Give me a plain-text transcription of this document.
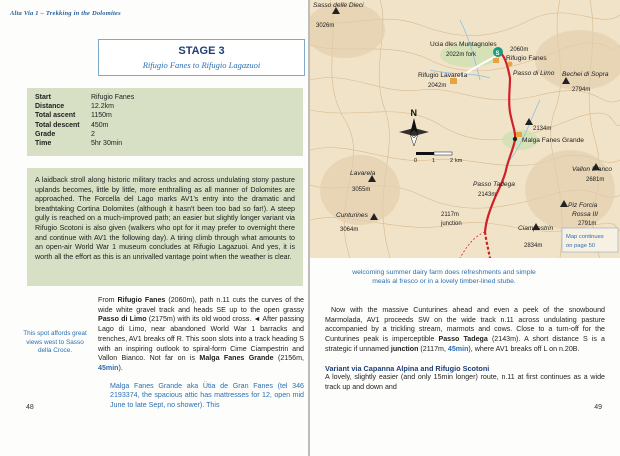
Alta Via 1 – Trekking in the Dolomites
STAGE 3
Rifugio Fanes to Rifugio Lagazuoi
Start	Rifugio Fanes
Distance	12.2km
Total ascent	1150m
Total descent	450m
Grade	2
Time	5hr 30min

A laidback stroll along historic military tracks and across undulating stony pasture uplands becomes, little by little, more enthralling as all manner of Dolomites are approached. The Forcella del Lago marks AV1's entry into the dramatic and breathtaking Cortina Dolomites (although it hasn't been too bad so far!). A steep gully is reached on a much-improved path; an easier but slightly longer variant via Rifugio Scotoni is also given (walkers who opt for it may prefer to overnight there and continue with AV1 the following day). A tiring climb through what amounts to an open-air World War 1 museum concludes at Rifugio Lagazuoi. And yes, it is worth all the effort as this is an unrivalled vantage point when the weather is clear.

From Rifugio Fanes (2060m), path n.11 cuts the curves of the wide white gravel track and heads SE up to the open grassy Passo di Limo (2175m) with its old wood cross. ◄ After passing Lago di Limo, near abandoned World War 1 barracks and trenches, AV1 breaks off R. This soon slots into a track heading S with an inspiring outlook to spiral-form Cime Ciampestrin and Vallon Bianco. Not far on is Malga Fanes Grande (2156m, 45min).

Malga Fanes Grande aka Ütia de Gran Fanes (tel 346 2193374, the spacious attic has mattresses for 12, open mid June to late Sept, no shower). This

This spot affords great views west to Sasso della Croce.
48
S
N
0	1	2 km
Sasso delle Dieci
3026m
Ucia dles Muntagnoles
2022m fork
Rifugio Lavarella
2042m
2060m
Rifugio Fanes
Passo di Limo Bechei di Sopra
2794m
2134m
Malga Fanes Grande
Lavarela
3055m
Vallon Bianco
2681m
Passo Tadega
2143m
Piz Forcia
Rossa III
2791m
Cunturines
3064m
2117m
junction
Ciampestrin
2834m
Map continues
on page 50
welcoming summer dairy farm does refreshments and simple meals al fresco or in a lovely timber-lined stube.

Now with the massive Cunturines ahead and even a peek of the snowbound Marmolada, AV1 proceeds SW on the wide track n.11 across undulating pasture accompanied by a trickling stream, marmots and cows. Close to a turn-off for the Cunturines peak is imperceptible Passo Tadega (2143m). A short distance S is a strategic if unnamed junction (2117m, 45min), where AV1 breaks off L on n.20B.

Variant via Capanna Alpina and Rifugio Scotoni

A lovely, slightly easier (and only 15min longer) route, n.11 at first continues as a wide track up and down and

49
